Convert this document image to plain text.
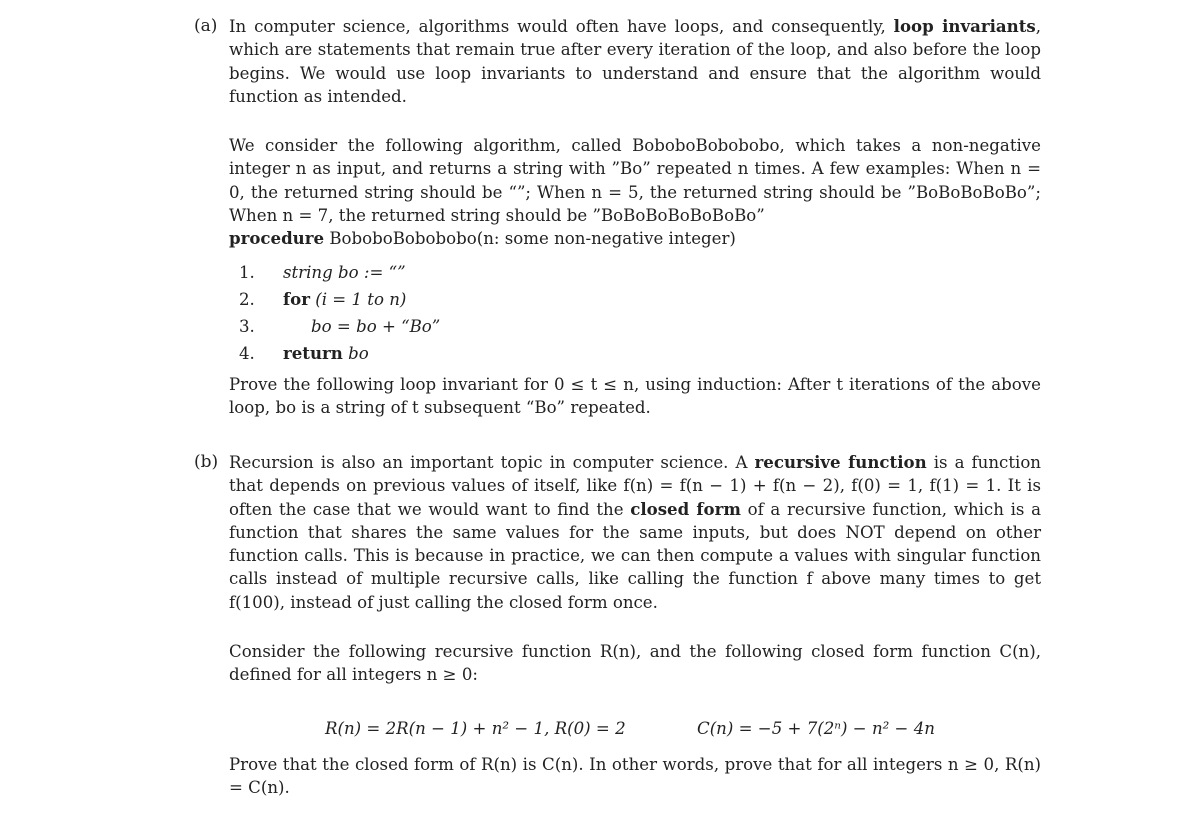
(a) In computer science, algorithms would often have loops, and consequently, loop invariants, which are statements that remain true after every iteration of the loop, and also before the loop begins. We would use loop invariants to understand and ensure that the algorithm would function as intended.

We consider the following algorithm, called BobobоBobobobo, which takes a non-negative integer n as input, and returns a string with ”Bo” repeated n times. A few examples: When n = 0, the returned string should be “”; When n = 5, the returned string should be ”BoBoBoBoBo”; When n = 7, the returned string should be ”BoBoBoBoBoBoBo”

procedure BoboboBobobobo(n: some non-negative integer)

1.	string bo := “”
2.	for (i = 1 to n)
3.	bo = bo + “Bo”
4.	return bo

Prove the following loop invariant for 0 ≤ t ≤ n, using induction: After t iterations of the above loop, bo is a string of t subsequent “Bo” repeated.

(b) Recursion is also an important topic in computer science. A recursive function is a function that depends on previous values of itself, like f(n) = f(n − 1) + f(n − 2), f(0) = 1, f(1) = 1. It is often the case that we would want to find the closed form of a recursive function, which is a function that shares the same values for the same inputs, but does NOT depend on other function calls. This is because in practice, we can then compute a values with singular function calls instead of multiple recursive calls, like calling the function f above many times to get f(100), instead of just calling the closed form once.

Consider the following recursive function R(n), and the following closed form function C(n), defined for all integers n ≥ 0:

R(n) = 2R(n − 1) + n² − 1, R(0) = 2	C(n) = −5 + 7(2ⁿ) − n² − 4n

Prove that the closed form of R(n) is C(n). In other words, prove that for all integers n ≥ 0, R(n) = C(n).
